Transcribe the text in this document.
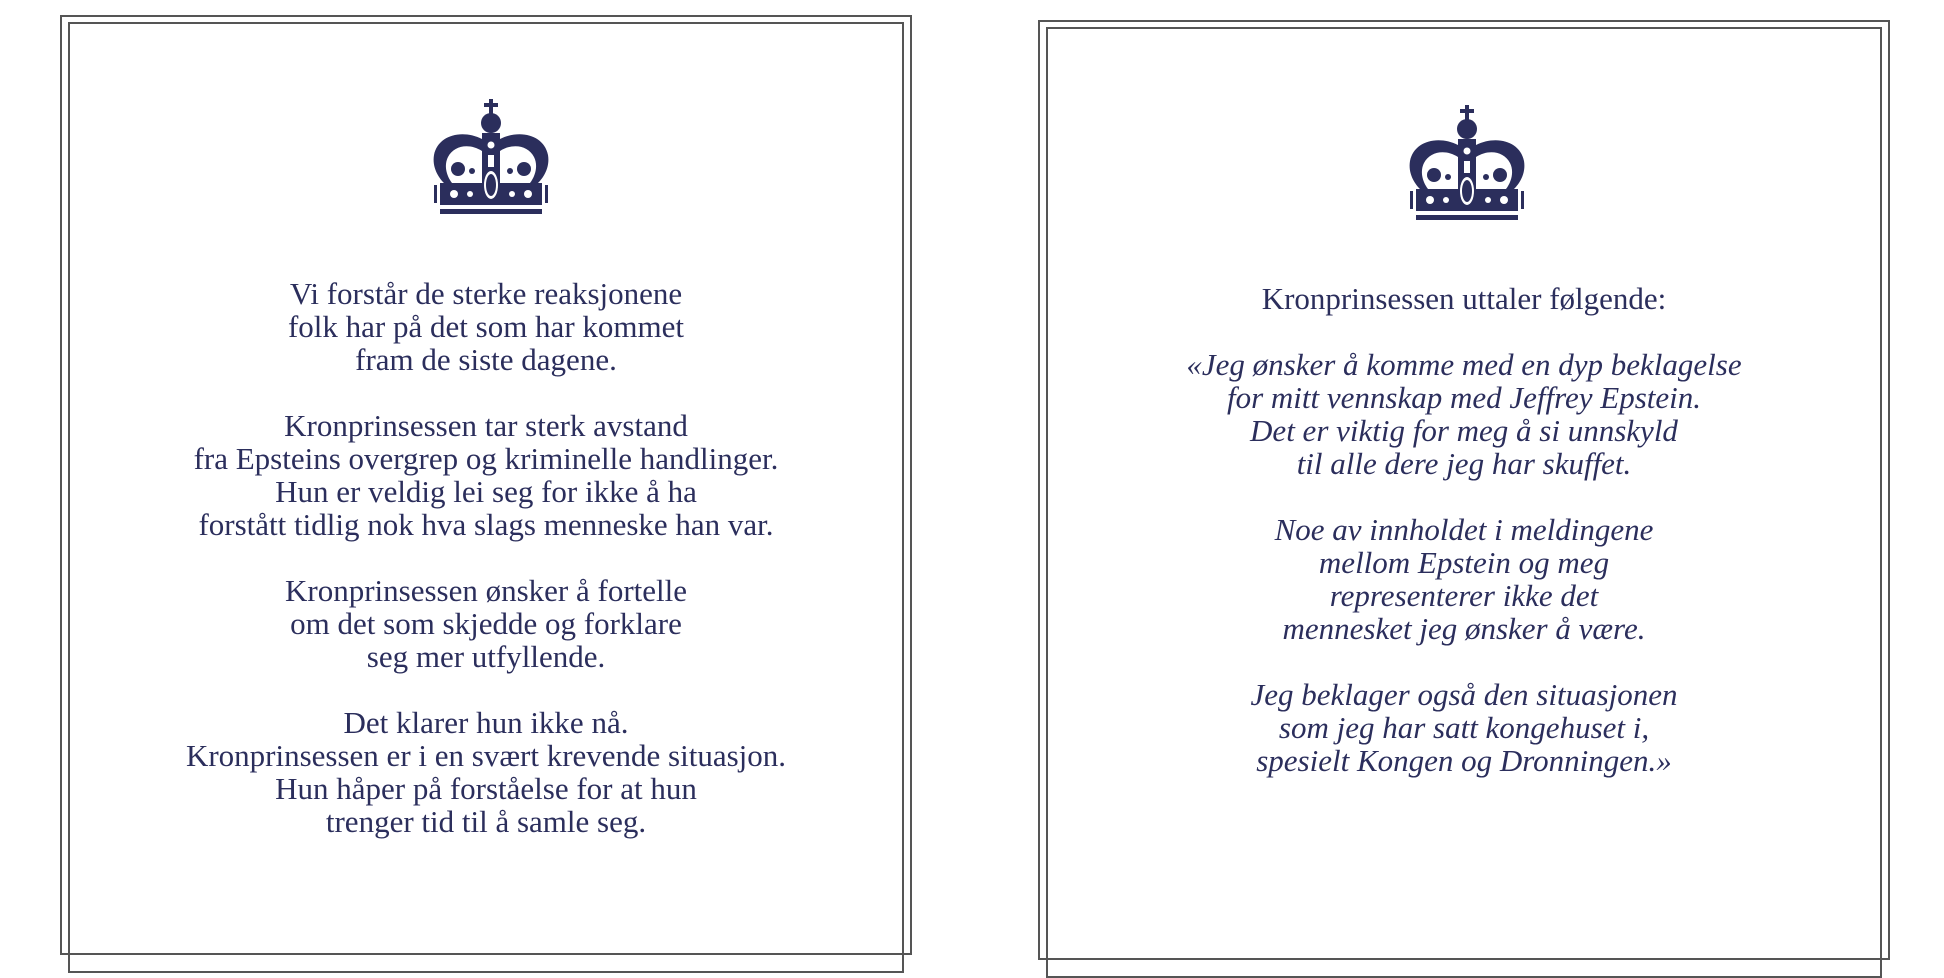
Vi forstår de sterke reaksjonene
folk har på det som har kommet
fram de siste dagene.
Kronprinsessen tar sterk avstand
fra Epsteins overgrep og kriminelle handlinger.
Hun er veldig lei seg for ikke å ha
forstått tidlig nok hva slags menneske han var.
Kronprinsessen ønsker å fortelle
om det som skjedde og forklare
seg mer utfyllende.
Det klarer hun ikke nå.
Kronprinsessen er i en svært krevende situasjon.
Hun håper på forståelse for at hun
trenger tid til å samle seg.
Kronprinsessen uttaler følgende:
«Jeg ønsker å komme med en dyp beklagelse
for mitt vennskap med Jeffrey Epstein.
Det er viktig for meg å si unnskyld
til alle dere jeg har skuffet.
Noe av innholdet i meldingene
mellom Epstein og meg
representerer ikke det
mennesket jeg ønsker å være.
Jeg beklager også den situasjonen
som jeg har satt kongehuset i,
spesielt Kongen og Dronningen.»
